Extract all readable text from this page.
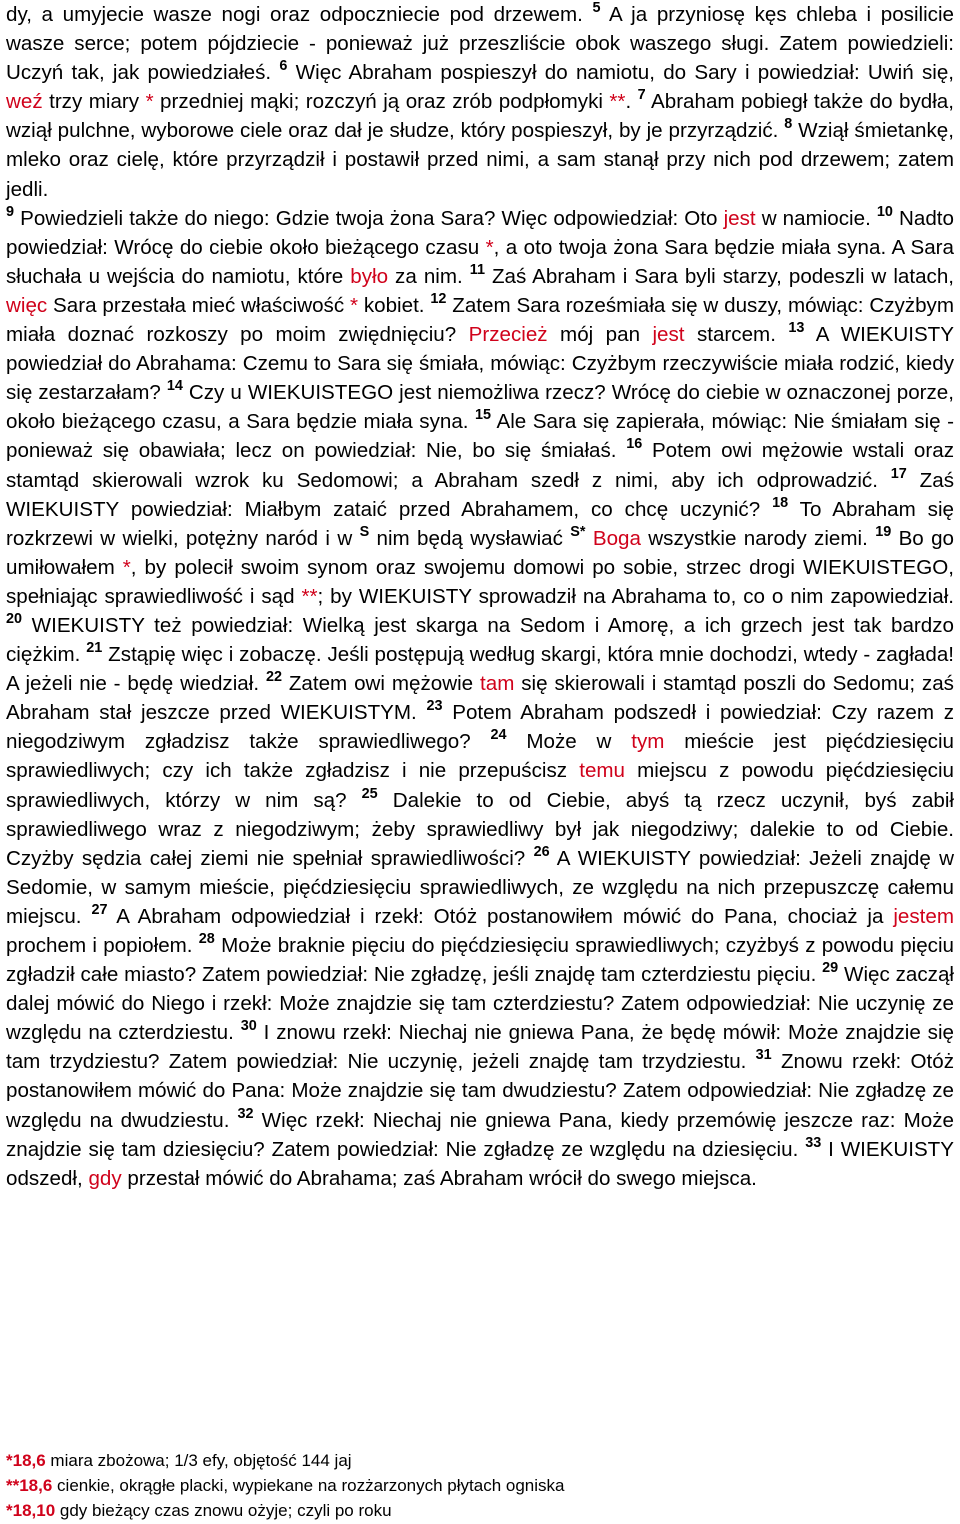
dy, a umyjecie wasze nogi oraz odpoczniecie pod drzewem. $^5$ A ja przyniosę kęs chleba i posilicie wasze serce; potem pójdziecie - ponieważ już przeszliście obok waszego sługi. Zatem powiedzieli: Uczyń tak, jak powiedziałeś. $^6$ Więc Abraham pospieszył do namiotu, do Sary i powiedział: Uwiń się, weź trzy miary * przedniej mąki; rozczyń ją oraz zrób podpłomyki **. $^7$ Abraham pobiegł także do bydła, wziął pulchne, wyborowe ciele oraz dał je słudze, który pospieszył, by je przyrządzić. $^8$ Wziął śmietankę, mleko oraz cielę, które przyrządził i postawił przed nimi, a sam stanął przy nich pod drzewem; zatem jedli.

$^9$ Powiedzieli także do niego: Gdzie twoja żona Sara? Więc odpowiedział: Oto jest w namiocie. $^{10}$ Nadto powiedział: Wrócę do ciebie około bieżącego czasu *, a oto twoja żona Sara będzie miała syna. A Sara słuchała u wejścia do namiotu, które było za nim. $^{11}$ Zaś Abraham i Sara byli starzy, podeszli w latach, więc Sara przestała mieć właściwość * kobiet. $^{12}$ Zatem Sara roześmiała się w duszy, mówiąc: Czyżbym miała doznać rozkoszy po moim zwiędnięciu? Przecież mój pan jest starcem. $^{13}$ A WIEKUISTY powiedział do Abrahama: Czemu to Sara się śmiała, mówiąc: Czyżbym rzeczywiście miała rodzić, kiedy się zestarzałam? $^{14}$ Czy u WIEKUISTEGO jest niemożliwa rzecz? Wrócę do ciebie w oznaczonej porze, około bieżącego czasu, a Sara będzie miała syna. $^{15}$ Ale Sara się zapierała, mówiąc: Nie śmiałam się - ponieważ się obawiała; lecz on powiedział: Nie, bo się śmiałaś. $^{16}$ Potem owi mężowie wstali oraz stamtąd skierowali wzrok ku Sedomowi; a Abraham szedł z nimi, aby ich odprowadzić. $^{17}$ Zaś WIEKUISTY powiedział: Miałbym zataić przed Abrahamem, co chcę uczynić? $^{18}$ To Abraham się rozkrzewi w wielki, potężny naród i w $^S$ nim będą wysławiać $^{S*}$ Boga wszystkie narody ziemi. $^{19}$ Bo go umiłowałem *, by polecił swoim synom oraz swojemu domowi po sobie, strzec drogi WIEKUISTEGO, spełniając sprawiedliwość i sąd **; by WIEKUISTY sprowadził na Abrahama to, co o nim zapowiedział. $^{20}$ WIEKUISTY też powiedział: Wielką jest skarga na Sedom i Amorę, a ich grzech jest tak bardzo ciężkim. $^{21}$ Zstąpię więc i zobaczę. Jeśli postępują według skargi, która mnie dochodzi, wtedy - zagłada! A jeżeli nie - będę wiedział. $^{22}$ Zatem owi mężowie tam się skierowali i stamtąd poszli do Sedomu; zaś Abraham stał jeszcze przed WIEKUISTYM. $^{23}$ Potem Abraham podszedł i powiedział: Czy razem z niegodziwym zgładzisz także sprawiedliwego? $^{24}$ Może w tym mieście jest pięćdziesięciu sprawiedliwych; czy ich także zgładzisz i nie przepuścisz temu miejscu z powodu pięćdziesięciu sprawiedliwych, którzy w nim są? $^{25}$ Dalekie to od Ciebie, abyś tą rzecz uczynił, byś zabił sprawiedliwego wraz z niegodziwym; żeby sprawiedliwy był jak niegodziwy; dalekie to od Ciebie. Czyżby sędzia całej ziemi nie spełniał sprawiedliwości? $^{26}$ A WIEKUISTY powiedział: Jeżeli znajdę w Sedomie, w samym mieście, pięćdziesięciu sprawiedliwych, ze względu na nich przepuszczę całemu miejscu. $^{27}$ A Abraham odpowiedział i rzekł: Otóż postanowiłem mówić do Pana, chociaż ja jestem prochem i popiołem. $^{28}$ Może braknie pięciu do pięćdziesięciu sprawiedliwych; czyżbyś z powodu pięciu zgładził całe miasto? Zatem powiedział: Nie zgładzę, jeśli znajdę tam czterdziestu pięciu. $^{29}$ Więc zaczął dalej mówić do Niego i rzekł: Może znajdzie się tam czterdziestu? Zatem odpowiedział: Nie uczynię ze względu na czterdziestu. $^{30}$ I znowu rzekł: Niechaj nie gniewa Pana, że będę mówił: Może znajdzie się tam trzydziestu? Zatem powiedział: Nie uczynię, jeżeli znajdę tam trzydziestu. $^{31}$ Znowu rzekł: Otóż postanowiłem mówić do Pana: Może znajdzie się tam dwudziestu? Zatem odpowiedział: Nie zgładzę ze względu na dwudziestu. $^{32}$ Więc rzekł: Niechaj nie gniewa Pana, kiedy przemówię jeszcze raz: Może znajdzie się tam dziesięciu? Zatem powiedział: Nie zgładzę ze względu na dziesięciu. $^{33}$ I WIEKUISTY odszedł, gdy przestał mówić do Abrahama; zaś Abraham wrócił do swego miejsca.

*18,6 miara zbożowa; 1/3 efy, objętość 144 jaj
**18,6 cienkie, okrągłe placki, wypiekane na rozżarzonych płytach ogniska
*18,10 gdy bieżący czas znowu ożyje; czyli po roku
